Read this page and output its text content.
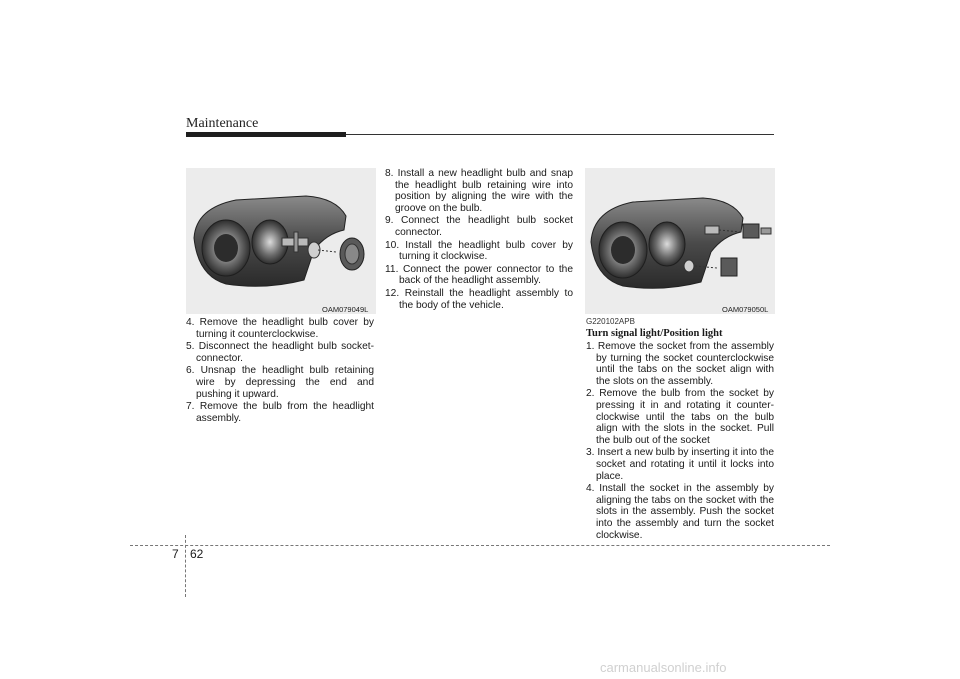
Maintenance
OAM079049L
4. Remove the headlight bulb cover by turning it counterclockwise.
5. Disconnect the headlight bulb socket-connector.
6. Unsnap the headlight bulb retaining wire by depressing the end and pushing it upward.
7. Remove the bulb from the headlight assembly.
8. Install a new headlight bulb and snap the headlight bulb retaining wire into position by aligning the wire with the groove on the bulb.
9. Connect the headlight bulb socket connector.
10. Install the headlight bulb cover by turning it clockwise.
11. Connect the power connector to the back of the headlight assembly.
12. Reinstall the headlight assembly to the body of the vehicle.	OAM079050L
G220102APB
Turn signal light/Position light
1. Remove the socket from the assembly by turning the socket counterclockwise until the tabs on the socket align with the slots on the assembly.
2. Remove the bulb from the socket by pressing it in and rotating it counter-clockwise until the tabs on the bulb align with the slots in the socket. Pull the bulb out of the socket
3. Insert a new bulb by inserting it into the socket and rotating it until it locks into place.
4. Install the socket in the assembly by aligning the tabs on the socket with the slots in the assembly. Push the socket into the assembly and turn the socket clockwise.
7 62
carmanualsonline.info
